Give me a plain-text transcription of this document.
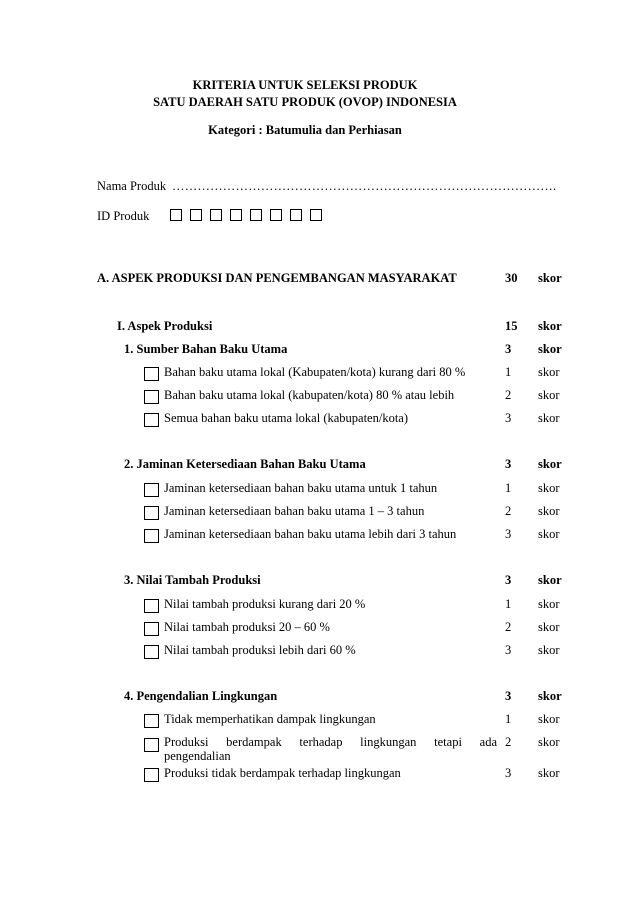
KRITERIA UNTUK SELEKSI PRODUK
SATU DAERAH SATU PRODUK (OVOP) INDONESIA
Kategori : Batumulia dan Perhiasan
Nama Produk ……………………………………………………………………………….
ID Produk
A. ASPEK PRODUKSI DAN PENGEMBANGAN MASYARAKAT	30 skor
I. Aspek Produksi	15 skor
1. Sumber Bahan Baku Utama	3 skor
Bahan baku utama lokal (Kabupaten/kota) kurang dari 80 %	1 skor
Bahan baku utama lokal (kabupaten/kota) 80 % atau lebih	2 skor
Semua bahan baku utama lokal (kabupaten/kota)	3 skor
2. Jaminan Ketersediaan Bahan Baku Utama	3 skor
Jaminan ketersediaan bahan baku utama untuk 1 tahun	1 skor
Jaminan ketersediaan bahan baku utama 1 – 3 tahun	2 skor
Jaminan ketersediaan bahan baku utama lebih dari 3 tahun	3 skor
3. Nilai Tambah Produksi	3 skor
Nilai tambah produksi kurang dari 20 %	1 skor
Nilai tambah produksi 20 – 60 %	2 skor
Nilai tambah produksi lebih dari 60 %	3 skor
4. Pengendalian Lingkungan	3 skor
Tidak memperhatikan dampak lingkungan	1 skor
Produksi berdampak terhadap lingkungan tetapi ada
pengendalian
2 skor
Produksi tidak berdampak terhadap lingkungan	3 skor
